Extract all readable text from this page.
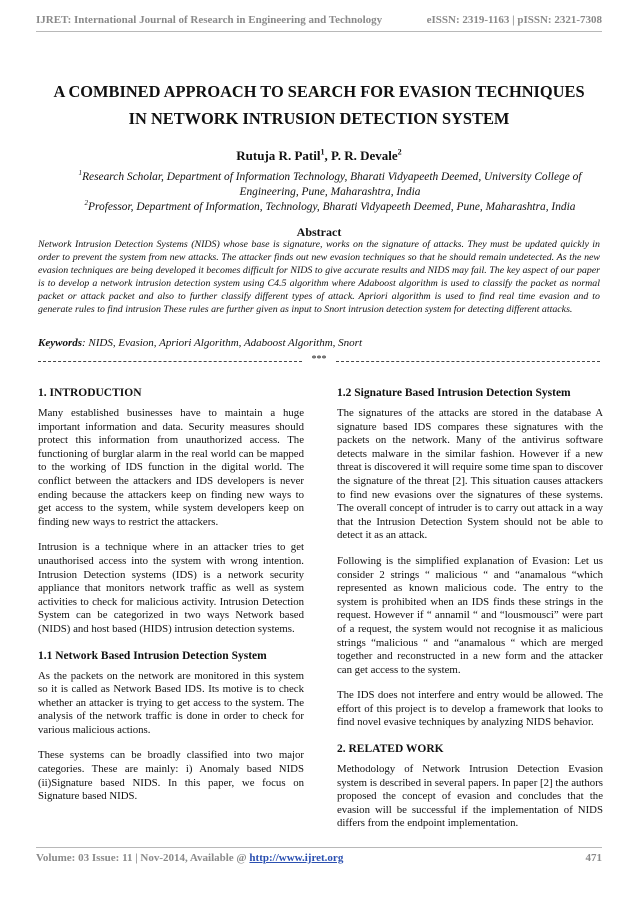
IJRET: International Journal of Research in Engineering and Technology	eISSN: 2319-1163 | pISSN: 2321-7308
A COMBINED APPROACH TO SEARCH FOR EVASION TECHNIQUES
IN NETWORK INTRUSION DETECTION SYSTEM
Rutuja R. Patil$^1$, P. R. Devale$^2$
$^1$Research Scholar, Department of Information Technology, Bharati Vidyapeeth Deemed, University College of Engineering, Pune, Maharashtra, India
$^2$Professor, Department of Information, Technology, Bharati Vidyapeeth Deemed, Pune, Maharashtra, India
Abstract
Network Intrusion Detection Systems (NIDS) whose base is signature, works on the signature of attacks. They must be updated quickly in order to prevent the system from new attacks. The attacker finds out new evasion techniques so that he should remain undetected. As the new evasion techniques are being developed it becomes difficult for NIDS to give accurate results and NIDS may fail. The key aspect of our paper is to develop a network intrusion detection system using C4.5 algorithm where Adaboost algorithm is used to classify the packet as normal packet or attack packet and also to further classify different types of attack. Apriori algorithm is used to find real time evasion and to generate rules to find intrusion These rules are further given as input to Snort intrusion detection system for detecting different attacks.
Keywords: NIDS, Evasion, Apriori Algorithm, Adaboost Algorithm, Snort
***
1. INTRODUCTION

Many established businesses have to maintain a huge important information and data. Security measures should protect this information from unauthorized access. The functioning of burglar alarm in the real world can be mapped to the working of IDS function in the digital world. The conflict between the attackers and IDS developers is never ending because the attackers keep on finding new ways to get access to the system, while system developers keep on finding new ways to restrict the attackers.

Intrusion is a technique where in an attacker tries to get unauthorised access into the system with wrong intention. Intrusion Detection systems (IDS) is a network security appliance that monitors network traffic as well as system activities to check for malicious activity. Intrusion Detection System can be categorized in two ways Network based (NIDS) and host based (HIDS) intrusion detection systems.

1.1 Network Based Intrusion Detection System

As the packets on the network are monitored in this system so it is called as Network Based IDS. Its motive is to check whether an attacker is trying to get access to the system. The analysis of the network traffic is done in order to check for various malicious actions.

These systems can be broadly classified into two major categories. These are mainly: i) Anomaly based NIDS (ii)Signature based NIDS. In this paper, we focus on Signature based NIDS.

1.2 Signature Based Intrusion Detection System

The signatures of the attacks are stored in the database A signature based IDS compares these signatures with the packets on the network. Many of the antivirus software detects malware in the similar fashion. However if a new threat is discovered it will require some time span to discover the signature of the threat [2]. This situation causes attackers to find new evasions over the signatures of these systems. The overall concept of intruder is to carry out attack in a way that the Intrusion Detection System should not be able to detect it as an attack.

Following is the simplified explanation of Evasion: Let us consider 2 strings “ malicious “ and “anamalous “which represented as known malicious code. The entry to the system is prohibited when an IDS finds these strings in the request. However if “ annamil “ and “lousmousci” were part of a request, the system would not recognise it as malicious strings “malicious “ and “anamalous “ which are merged together and reconstructed in a new form and the attacker can get access to the system.

The IDS does not interfere and entry would be allowed. The effort of this project is to develop a framework that looks to find novel evasive techniques by analyzing NIDS behavior.

2. RELATED WORK

Methodology of Network Intrusion Detection Evasion system is described in several papers. In paper [2] the authors proposed the concept of evasion and concludes that the evasion will be successful if the implementation of NIDS differs from the endpoint implementation.

Volume: 03 Issue: 11 | Nov-2014, Available @ http://www.ijret.org	471
